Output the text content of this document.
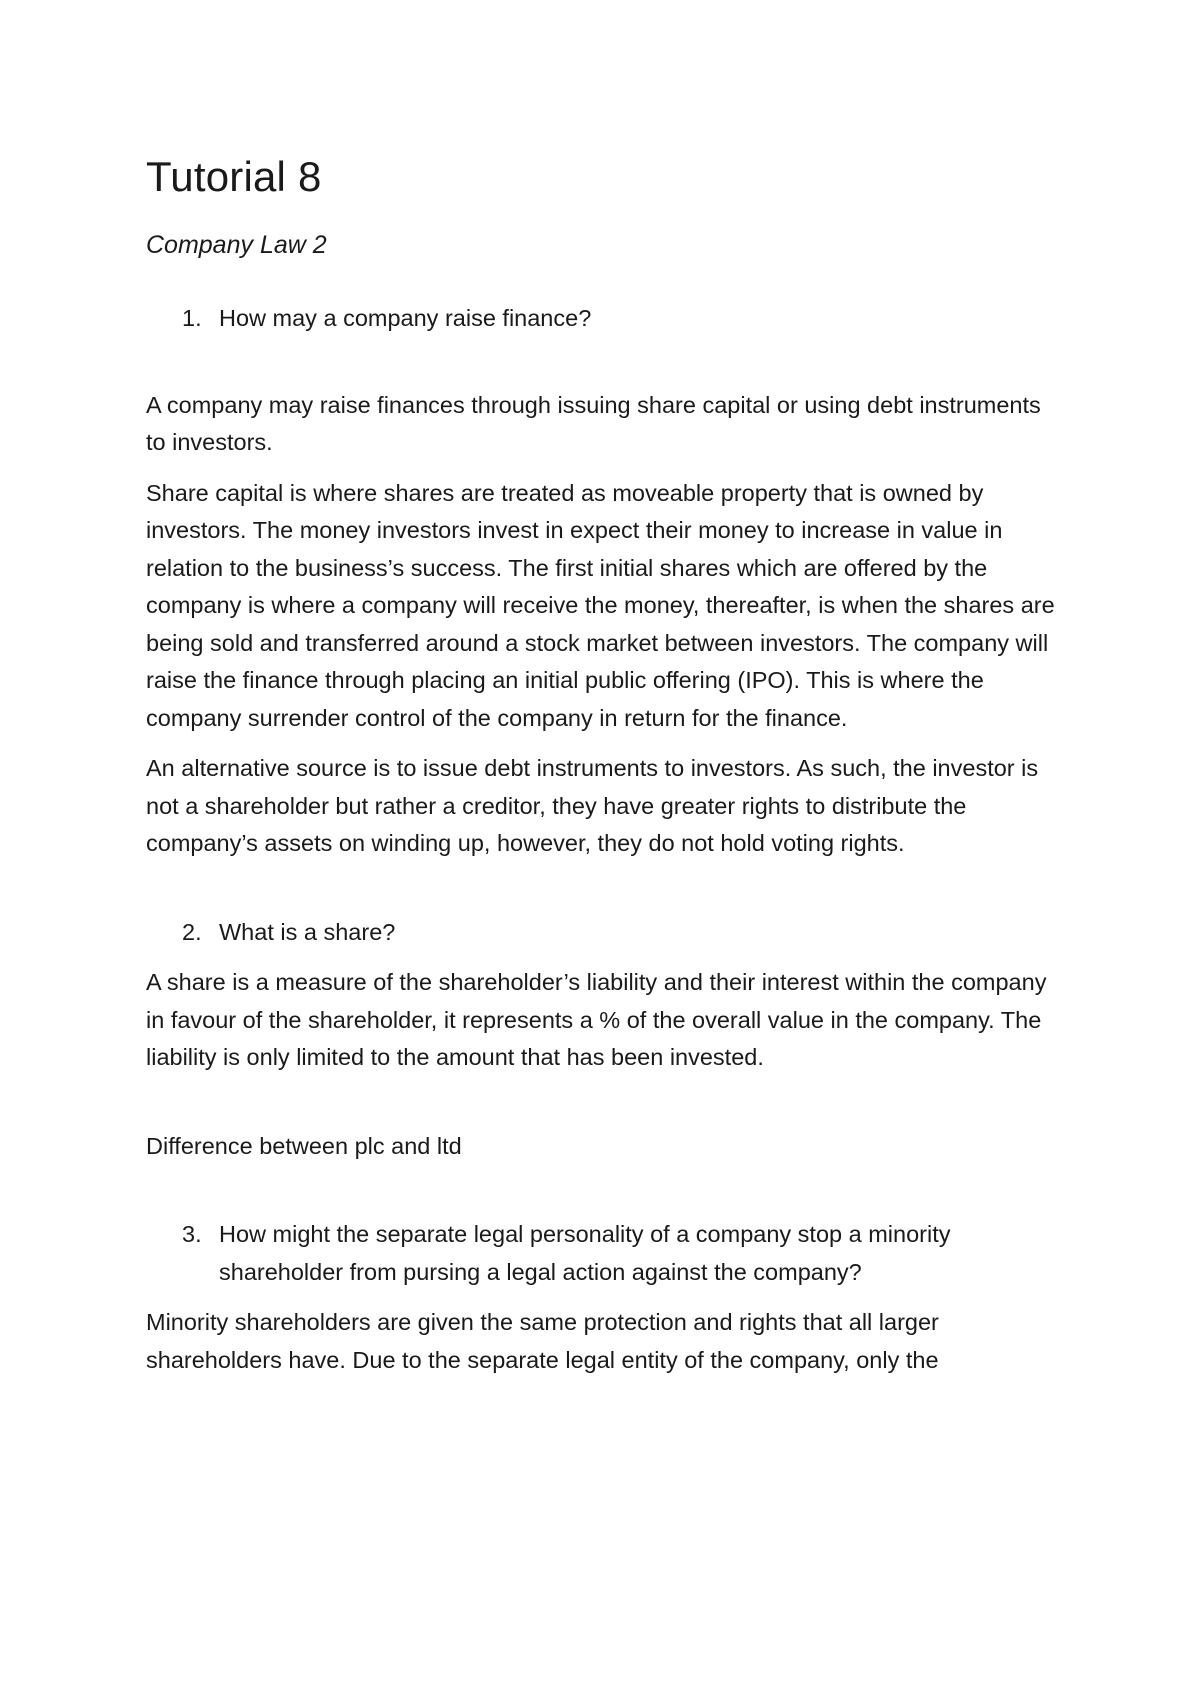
Tutorial 8

Company Law 2

1. How may a company raise finance?

A company may raise finances through issuing share capital or using debt instruments to investors.

Share capital is where shares are treated as moveable property that is owned by investors. The money investors invest in expect their money to increase in value in relation to the business’s success. The first initial shares which are offered by the company is where a company will receive the money, thereafter, is when the shares are being sold and transferred around a stock market between investors. The company will raise the finance through placing an initial public offering (IPO). This is where the company surrender control of the company in return for the finance.

An alternative source is to issue debt instruments to investors. As such, the investor is not a shareholder but rather a creditor, they have greater rights to distribute the company’s assets on winding up, however, they do not hold voting rights.

2. What is a share?

A share is a measure of the shareholder’s liability and their interest within the company in favour of the shareholder, it represents a % of the overall value in the company. The liability is only limited to the amount that has been invested.

Difference between plc and ltd

3. How might the separate legal personality of a company stop a minority shareholder from pursing a legal action against the company?

Minority shareholders are given the same protection and rights that all larger shareholders have. Due to the separate legal entity of the company, only the
